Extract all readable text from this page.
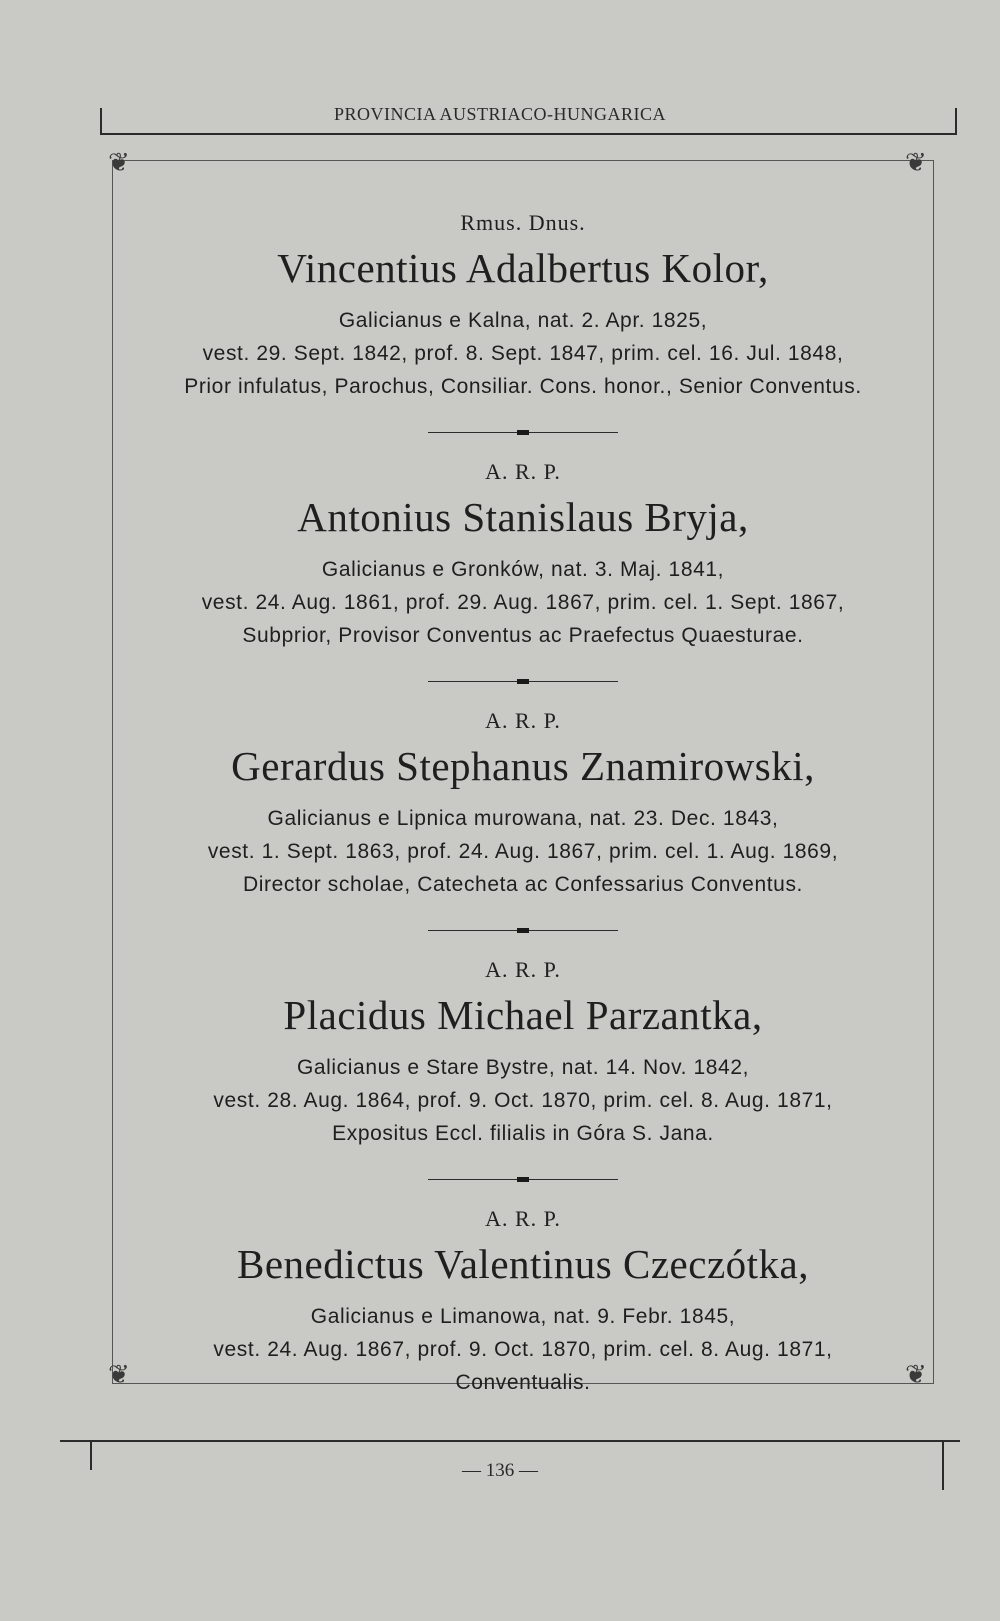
PROVINCIA AUSTRIACO-HUNGARICA
❦	❦
❦	❦
Rmus. Dnus.
Vincentius Adalbertus Kolor,
Galicianus e Kalna, nat. 2. Apr. 1825,
vest. 29. Sept. 1842, prof. 8. Sept. 1847, prim. cel. 16. Jul. 1848,
Prior infulatus, Parochus, Consiliar. Cons. honor., Senior Conventus.
A. R. P.
Antonius Stanislaus Bryja,
Galicianus e Gronków, nat. 3. Maj. 1841,
vest. 24. Aug. 1861, prof. 29. Aug. 1867, prim. cel. 1. Sept. 1867,
Subprior, Provisor Conventus ac Praefectus Quaesturae.
A. R. P.
Gerardus Stephanus Znamirowski,
Galicianus e Lipnica murowana, nat. 23. Dec. 1843,
vest. 1. Sept. 1863, prof. 24. Aug. 1867, prim. cel. 1. Aug. 1869,
Director scholae, Catecheta ac Confessarius Conventus.
A. R. P.
Placidus Michael Parzantka,
Galicianus e Stare Bystre, nat. 14. Nov. 1842,
vest. 28. Aug. 1864, prof. 9. Oct. 1870, prim. cel. 8. Aug. 1871,
Expositus Eccl. filialis in Góra S. Jana.
A. R. P.
Benedictus Valentinus Czeczótka,
Galicianus e Limanowa, nat. 9. Febr. 1845,
vest. 24. Aug. 1867, prof. 9. Oct. 1870, prim. cel. 8. Aug. 1871,
Conventualis.
— 136 —
